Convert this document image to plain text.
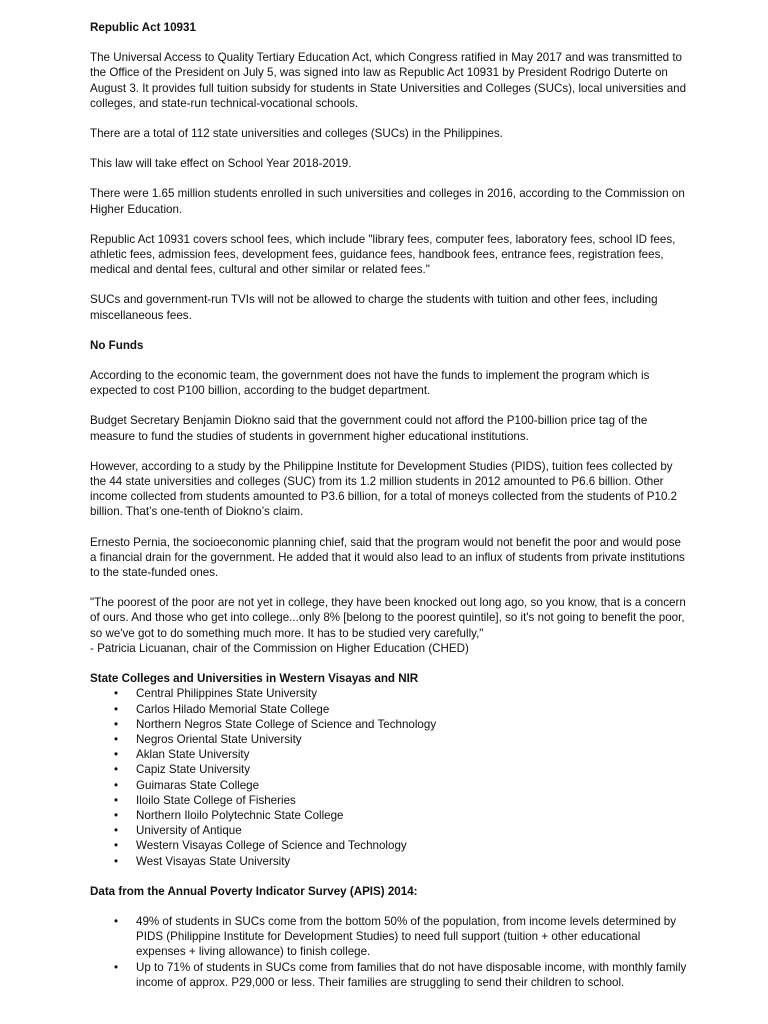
Republic Act 10931

The Universal Access to Quality Tertiary Education Act, which Congress ratified in May 2017 and was transmitted to the Office of the President on July 5, was signed into law as Republic Act 10931 by President Rodrigo Duterte on August 3. It provides full tuition subsidy for students in State Universities and Colleges (SUCs), local universities and colleges, and state-run technical-vocational schools.

There are a total of 112 state universities and colleges (SUCs) in the Philippines.

This law will take effect on School Year 2018-2019.

There were 1.65 million students enrolled in such universities and colleges in 2016, according to the Commission on Higher Education.

Republic Act 10931 covers school fees, which include "library fees, computer fees, laboratory fees, school ID fees, athletic fees, admission fees, development fees, guidance fees, handbook fees, entrance fees, registration fees, medical and dental fees, cultural and other similar or related fees."

SUCs and government-run TVIs will not be allowed to charge the students with tuition and other fees, including miscellaneous fees.

No Funds

According to the economic team, the government does not have the funds to implement the program which is expected to cost P100 billion, according to the budget department.

Budget Secretary Benjamin Diokno said that the government could not afford the P100-billion price tag of the measure to fund the studies of students in government higher educational institutions.

However, according to a study by the Philippine Institute for Development Studies (PIDS), tuition fees collected by the 44 state universities and colleges (SUC) from its 1.2 million students in 2012 amounted to P6.6 billion. Other income collected from students amounted to P3.6 billion, for a total of moneys collected from the students of P10.2 billion. That’s one-tenth of Diokno’s claim.

Ernesto Pernia, the socioeconomic planning chief, said that the program would not benefit the poor and would pose a financial drain for the government. He added that it would also lead to an influx of students from private institutions to the state-funded ones.

"The poorest of the poor are not yet in college, they have been knocked out long ago, so you know, that is a concern of ours. And those who get into college...only 8% [belong to the poorest quintile], so it's not going to benefit the poor, so we've got to do something much more. It has to be studied very carefully,"
- Patricia Licuanan, chair of the Commission on Higher Education (CHED)

State Colleges and Universities in Western Visayas and NIR

• Central Philippines State University
• Carlos Hilado Memorial State College
• Northern Negros State College of Science and Technology
• Negros Oriental State University
• Aklan State University
• Capiz State University
• Guimaras State College
• Iloilo State College of Fisheries
• Northern Iloilo Polytechnic State College
• University of Antique
• Western Visayas College of Science and Technology
• West Visayas State University

Data from the Annual Poverty Indicator Survey (APIS) 2014:

• 49% of students in SUCs come from the bottom 50% of the population, from income levels determined by PIDS (Philippine Institute for Development Studies) to need full support (tuition + other educational expenses + living allowance) to finish college.
• Up to 71% of students in SUCs come from families that do not have disposable income, with monthly family income of approx. P29,000 or less. Their families are struggling to send their children to school.
